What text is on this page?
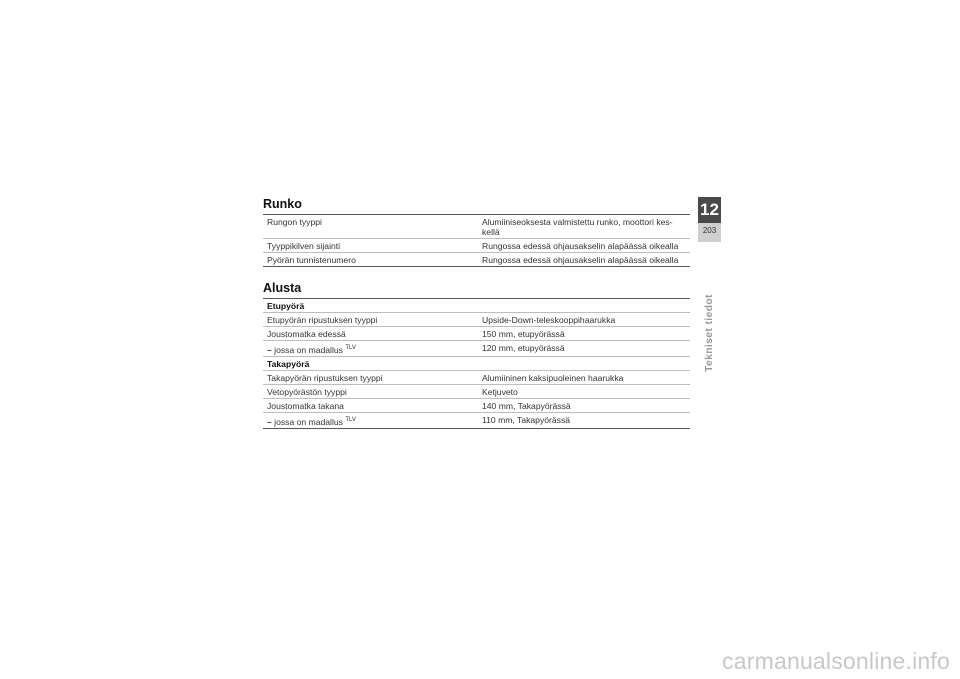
Runko
Rungon tyyppi	Alumiiniseoksesta valmistettu runko, moottori kes-
kellä
Tyyppikilven sijainti	Rungossa edessä ohjausakselin alapäässä oikealla
Pyörän tunnistenumero	Rungossa edessä ohjausakselin alapäässä oikealla
Alusta
Etupyörä	
Etupyörän ripustuksen tyyppi	Upside-Down-teleskooppihaarukka
Joustomatka edessä	150 mm, etupyörässä
– jossa on madallus $^{TLV}$	120 mm, etupyörässä
Takapyörä	
Takapyörän ripustuksen tyyppi	Alumiininen kaksipuoleinen haarukka
Vetopyörästön tyyppi	Ketjuveto
Joustomatka takana	140 mm, Takapyörässä
– jossa on madallus $^{TLV}$	110 mm, Takapyörässä
12
203
Tekniset tiedot
carmanualsonline.info
